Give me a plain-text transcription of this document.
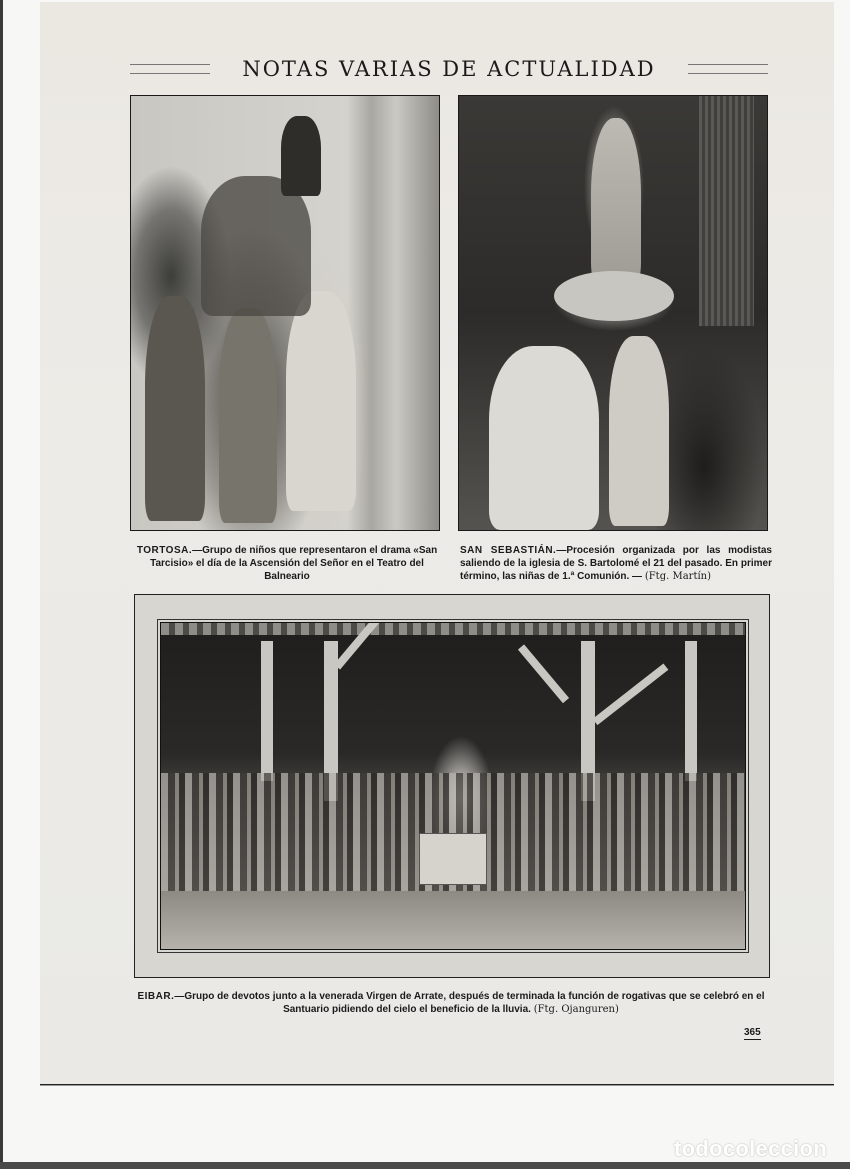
NOTAS VARIAS DE ACTUALIDAD
TORTOSA.—Grupo de niños que representaron el drama «San Tarcisio» el día de la Ascensión del Señor en el Teatro del Balneario
SAN SEBASTIÁN.—Procesión organizada por las modistas saliendo de la iglesia de S. Bartolomé el 21 del pasado. En primer término, las niñas de 1.ª Comunión. — (Ftg. Martín)
EIBAR.—Grupo de devotos junto a la venerada Virgen de Arrate, después de terminada la función de rogativas que se celebró en el Santuario pidiendo del cielo el beneficio de la lluvia. (Ftg. Ojanguren)
365
todocoleccion
